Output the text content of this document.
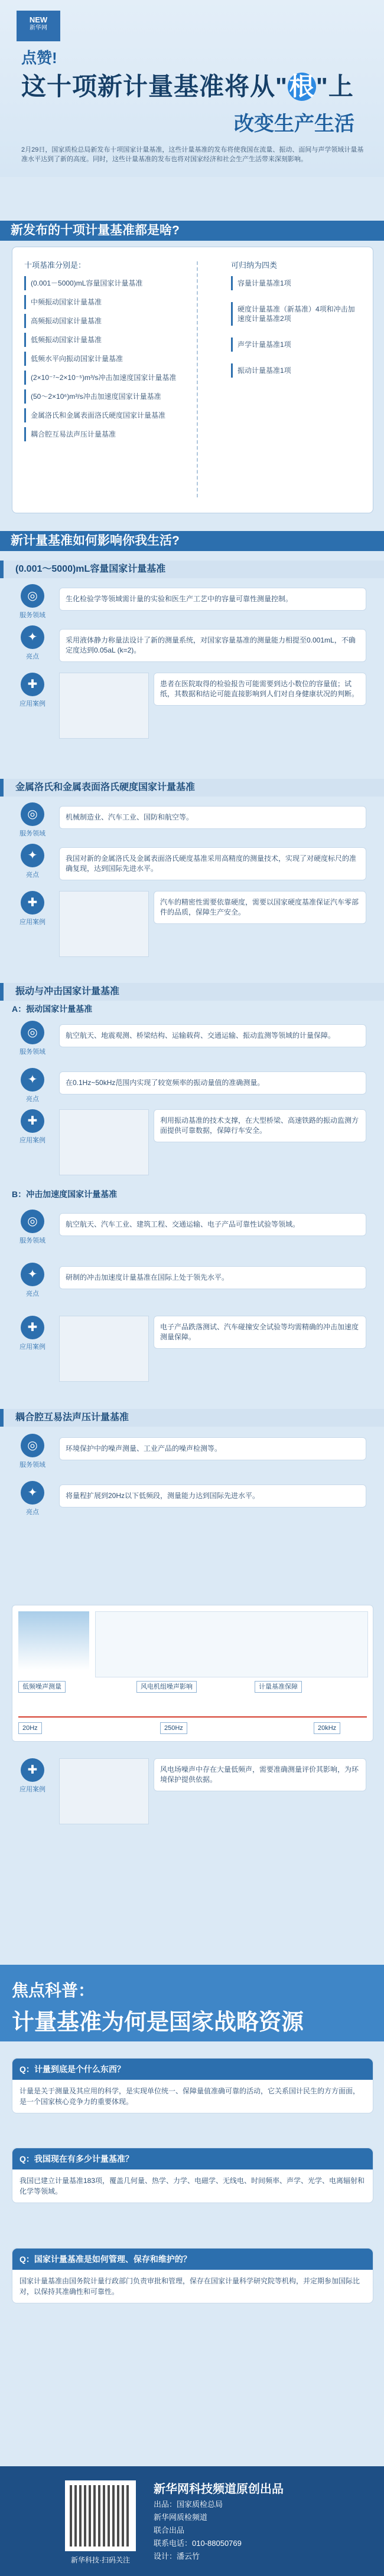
NEW
新华网
点赞!
这十项新计量基准将从"根"上
改变生产生活
2月29日，国家质检总局新发布十项国家计量基准，这些计量基准的发布将使我国在流量、振动、面间与声学领域计量基准水平达到了新的高度。同时，这些计量基准的发布也将对国家经济和社会生产生活带来深刻影响。
新发布的十项计量基准都是啥?
十项基准分别是：
(0.001－5000)mL容量国家计量基准
中频振动国家计量基准
高频振动国家计量基准
低频振动国家计量基准
低频水平向振动国家计量基准
(2×10⁻⁷~2×10⁻⁵)m³/s冲击加速度国家计量基准
(50～2×10⁶)m³/s冲击加速度国家计量基准
金属洛氏和金属表面洛氏硬度国家计量基准
耦合腔互易法声压计量基准
可归纳为四类
容量计量基准1项
硬度计量基准（新基准）4项和冲击加速度计量基准2项
声学计量基准1项
振动计量基准1项
新计量基准如何影响你我生活?
(0.001～5000)mL容量国家计量基准
◎
服务领域
生化检验学等领域需计量的实验和医生产工艺中的容量可靠性测量控制。
✦
亮点
采用液体静力称量法设计了新的测量系统，对国家容量基准的测量能力相提至0.001mL，不确定度达到0.05aL (k=2)。
✚
应用案例
患者在医院取得的检验报告可能需要到达小数位的容量值；试纸，其数据和结论可能直接影响到人们对自身健康状况的判断。
金属洛氏和金属表面洛氏硬度国家计量基准
◎
服务领域
机械制造业、汽车工业、国防和航空等。
✦
亮点
我国对新的金属洛氏及金属表面洛氏硬度基准采用高精度的测量技术，实现了对硬度标尺的准确复现，达到国际先进水平。
✚
应用案例
汽车的精密性需要依靠硬度，需要以国家硬度基准保证汽车零部件的品质，保障生产安全。
振动与冲击国家计量基准
A：振动国家计量基准
◎
服务领域
航空航天、地震观测、桥梁结构、运输载荷、交通运输、振动监测等领域的计量保障。
✦
亮点
在0.1Hz~50kHz范围内实现了较宽频率的振动量值的准确测量。
✚
应用案例
利用振动基准的技术支撑，在大型桥梁、高速铁路的振动监测方面提供可靠数据，保障行车安全。
B：冲击加速度国家计量基准
◎
服务领域
航空航天、汽车工业、建筑工程、交通运输、电子产品可靠性试验等领域。
✦
亮点
研制的冲击加速度计量基准在国际上处于领先水平。
✚
应用案例
电子产品跌落测试、汽车碰撞安全试验等均需精确的冲击加速度测量保障。
耦合腔互易法声压计量基准
◎
服务领域
环境保护中的噪声测量、工业产品的噪声检测等。
✦
亮点
将量程扩展到20Hz以下低频段，测量能力达到国际先进水平。
低频噪声测量	风电机组噪声影响	计量基准保障
20Hz	250Hz	20kHz
✚
应用案例
风电场噪声中存在大量低频声，需要准确测量评价其影响，为环境保护提供依据。
焦点科普：
计量基准为何是国家战略资源
Q：计量到底是个什么东西？
计量是关于测量及其应用的科学，是实现单位统一、保障量值准确可靠的活动，它关系国计民生的方方面面，是一个国家核心竞争力的重要体现。
Q：我国现在有多少计量基准？
我国已建立计量基准183项，覆盖几何量、热学、力学、电磁学、无线电、时间频率、声学、光学、电离辐射和化学等领域。
Q：国家计量基准是如何管理、保存和维护的？
国家计量基准由国务院计量行政部门负责审批和管理，保存在国家计量科学研究院等机构，并定期参加国际比对，以保持其准确性和可靠性。
新华科技·扫码关注
新华网科技频道原创出品
出品：国家质检总局
新华网质检频道
联合出品
联系电话：010-88050769
设计：潘云竹
